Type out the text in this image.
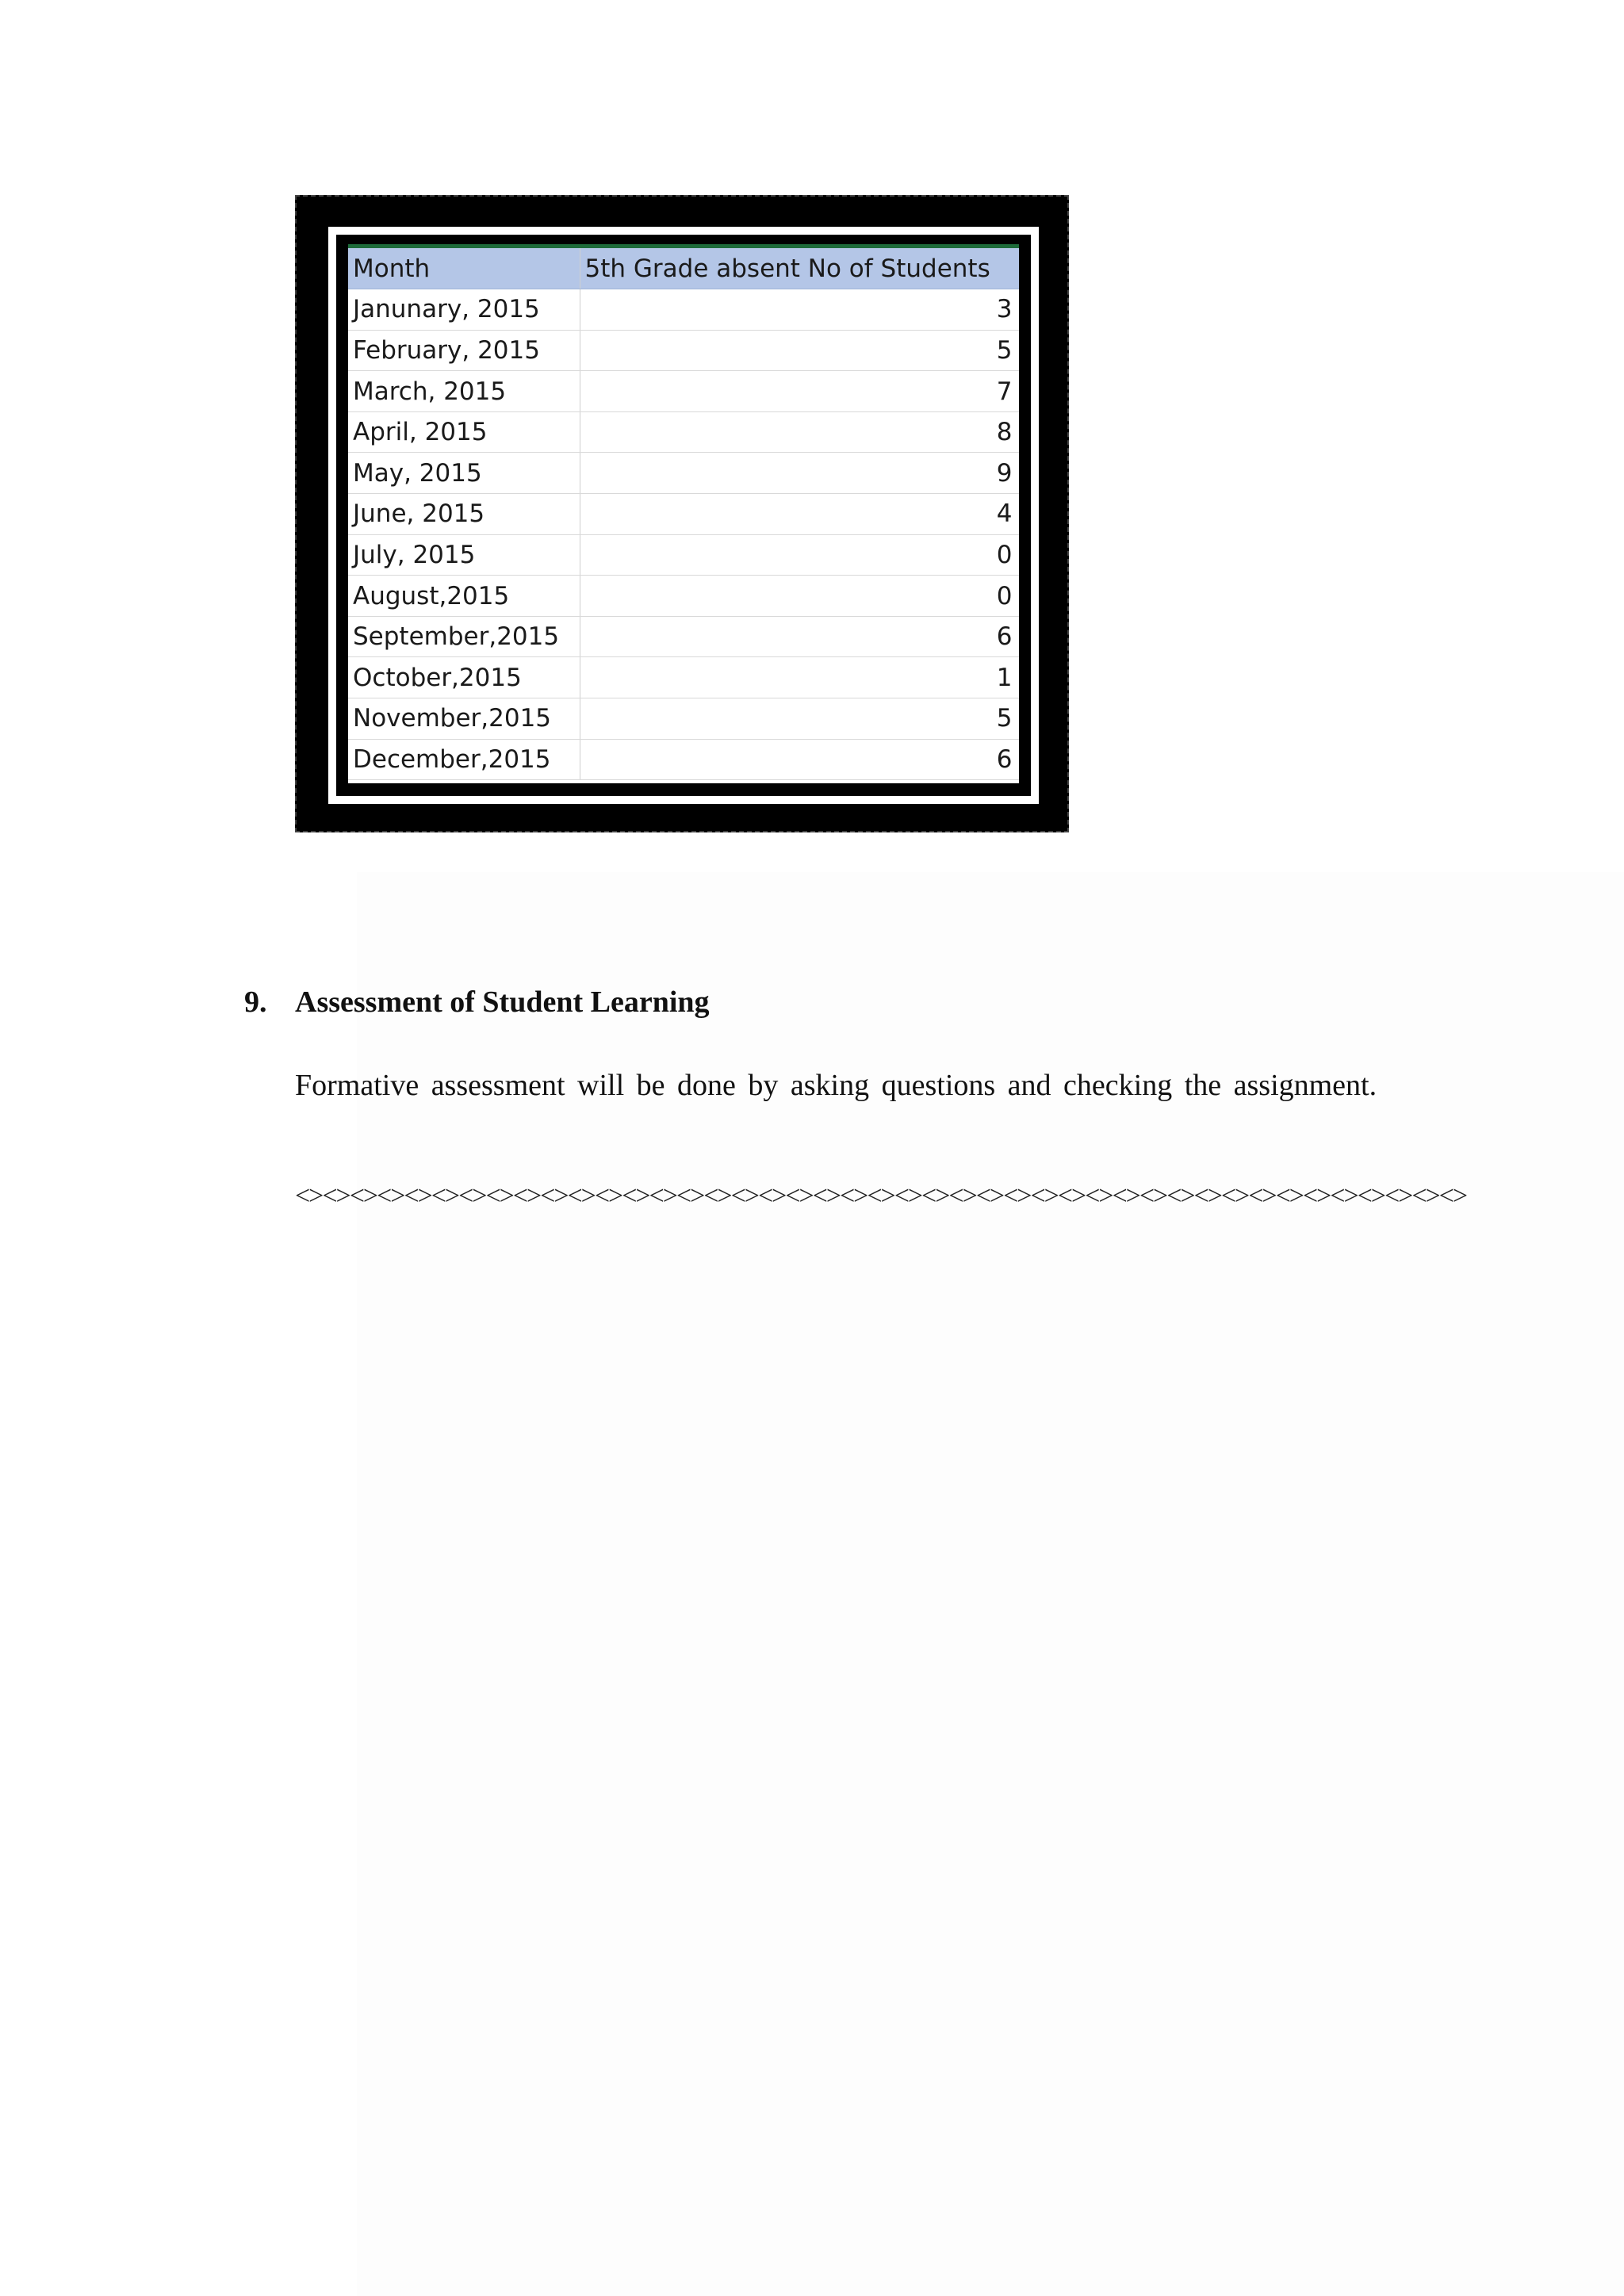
Month	5th Grade absent No of Students
Janunary, 2015	3
February, 2015	5
March, 2015	7
April, 2015	8
May, 2015	9
June, 2015	4
July, 2015	0
August,2015	0
September,2015	6
October,2015	1
November,2015	5
December,2015	6
9. Assessment of Student Learning
Formative assessment will be done by asking questions and checking the assignment.
<><><><><><><><><><><><><><><><><><><><><><><><><><><><><><><><><><><><><><><><><><><>
